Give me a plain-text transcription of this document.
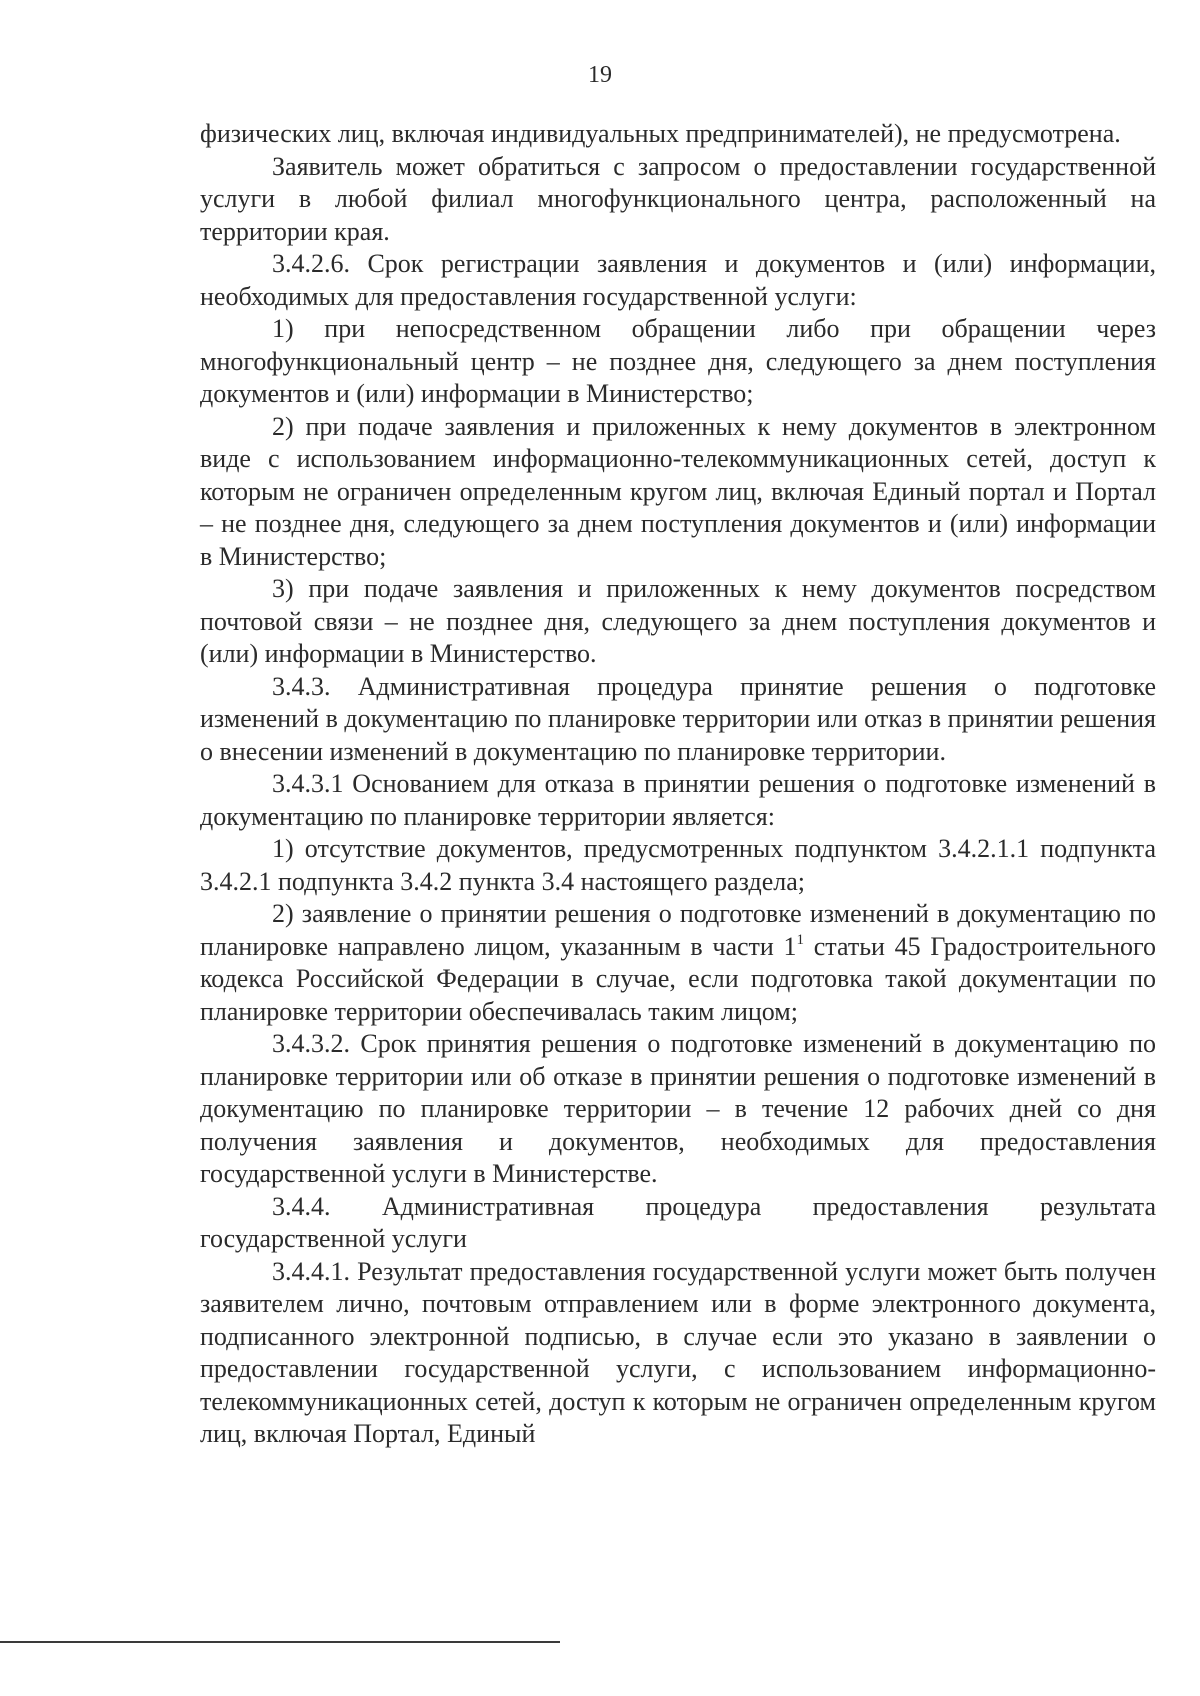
19

физических лиц, включая индивидуальных предпринимателей), не предусмотрена.

Заявитель может обратиться с запросом о предоставлении государственной услуги в любой филиал многофункционального центра, расположенный на территории края.

3.4.2.6. Срок регистрации заявления и документов и (или) информации, необходимых для предоставления государственной услуги:

1) при непосредственном обращении либо при обращении через многофункциональный центр – не позднее дня, следующего за днем поступления документов и (или) информации в Министерство;

2) при подаче заявления и приложенных к нему документов в электронном виде с использованием информационно-телекоммуникационных сетей, доступ к которым не ограничен определенным кругом лиц, включая Единый портал и Портал – не позднее дня, следующего за днем поступления документов и (или) информации в Министерство;

3) при подаче заявления и приложенных к нему документов посредством почтовой связи – не позднее дня, следующего за днем поступления документов и (или) информации в Министерство.

3.4.3. Административная процедура принятие решения о подготовке изменений в документацию по планировке территории или отказ в принятии решения о внесении изменений в документацию по планировке территории.

3.4.3.1 Основанием для отказа в принятии решения о подготовке изменений в документацию по планировке территории является:

1) отсутствие документов, предусмотренных подпунктом 3.4.2.1.1 подпункта 3.4.2.1 подпункта 3.4.2 пункта 3.4 настоящего раздела;

2) заявление о принятии решения о подготовке изменений в документацию по планировке направлено лицом, указанным в части $1^1$ статьи 45 Градостроительного кодекса Российской Федерации в случае, если подготовка такой документации по планировке территории обеспечивалась таким лицом;

3.4.3.2. Срок принятия решения о подготовке изменений в документацию по планировке территории или об отказе в принятии решения о подготовке изменений в документацию по планировке территории – в течение 12 рабочих дней со дня получения заявления и документов, необходимых для предоставления государственной услуги в Министерстве.

3.4.4. Административная процедура предоставления результата государственной услуги

3.4.4.1. Результат предоставления государственной услуги может быть получен заявителем лично, почтовым отправлением или в форме электронного документа, подписанного электронной подписью, в случае если это указано в заявлении о предоставлении государственной услуги, с использованием информационно-телекоммуникационных сетей, доступ к которым не ограничен определенным кругом лиц, включая Портал, Единый
